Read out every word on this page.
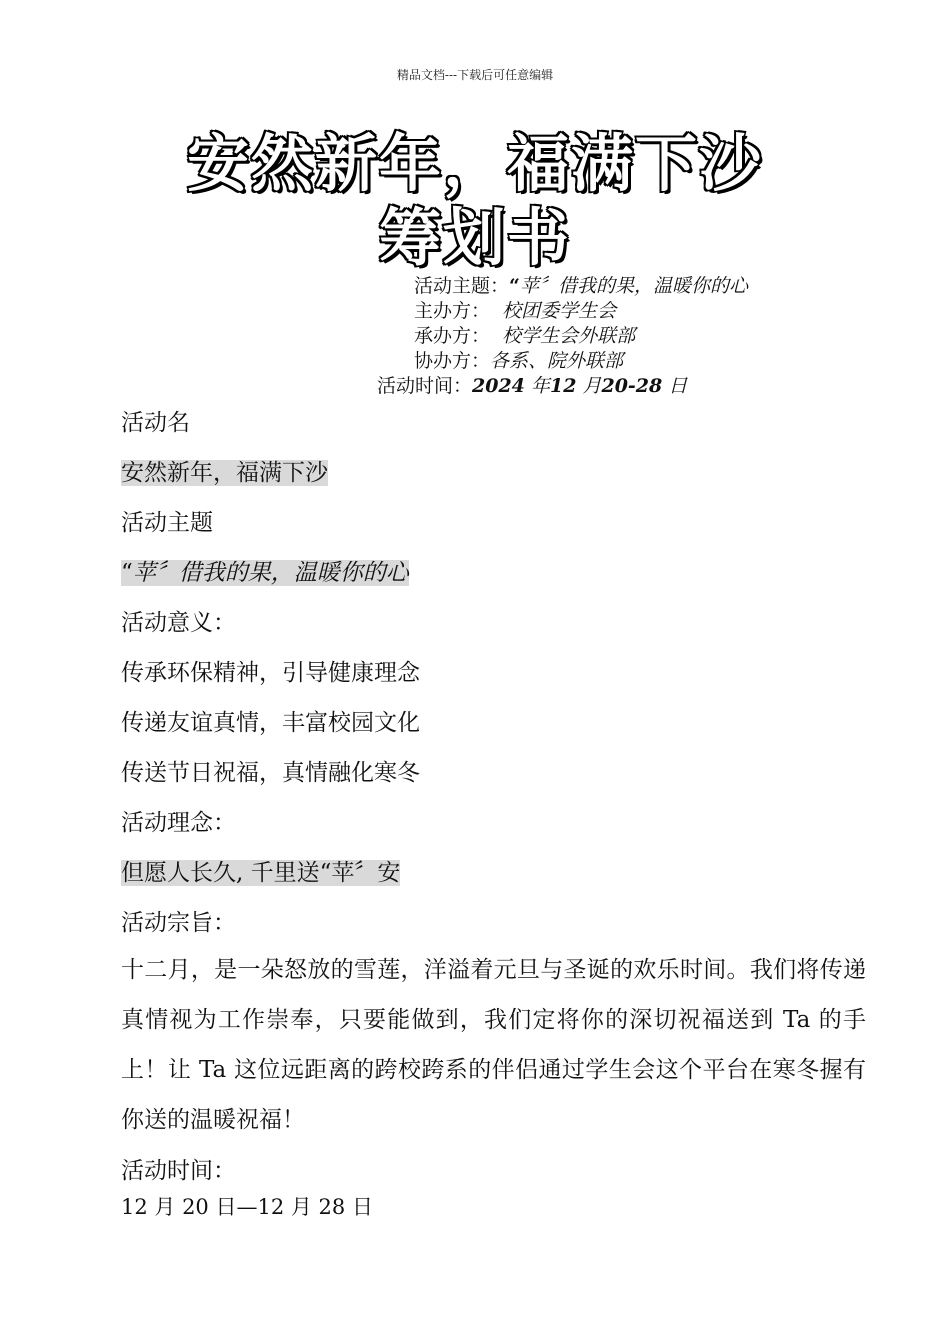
精品文档---下载后可任意编辑
安然新年，福满下沙
筹划书
活动主题：“苹〞借我的果，温暖你的心
主办方： 校团委学生会
承办方： 校学生会外联部
协办方：各系、院外联部
活动时间：2024 年12 月20-28 日
活动名
安然新年，福满下沙
活动主题
“苹〞借我的果，温暖你的心
活动意义：
传承环保精神，引导健康理念
传递友谊真情，丰富校园文化
传送节日祝福，真情融化寒冬
活动理念：
但愿人长久, 千里送“苹〞安
活动宗旨：
十二月，是一朵怒放的雪莲，洋溢着元旦与圣诞的欢乐时间。我们将传递真情视为工作崇奉，只要能做到，我们定将你的深切祝福送到 Ta 的手上！让 Ta 这位远距离的跨校跨系的伴侣通过学生会这个平台在寒冬握有你送的温暖祝福！
活动时间：
12 月 20 日—12 月 28 日
